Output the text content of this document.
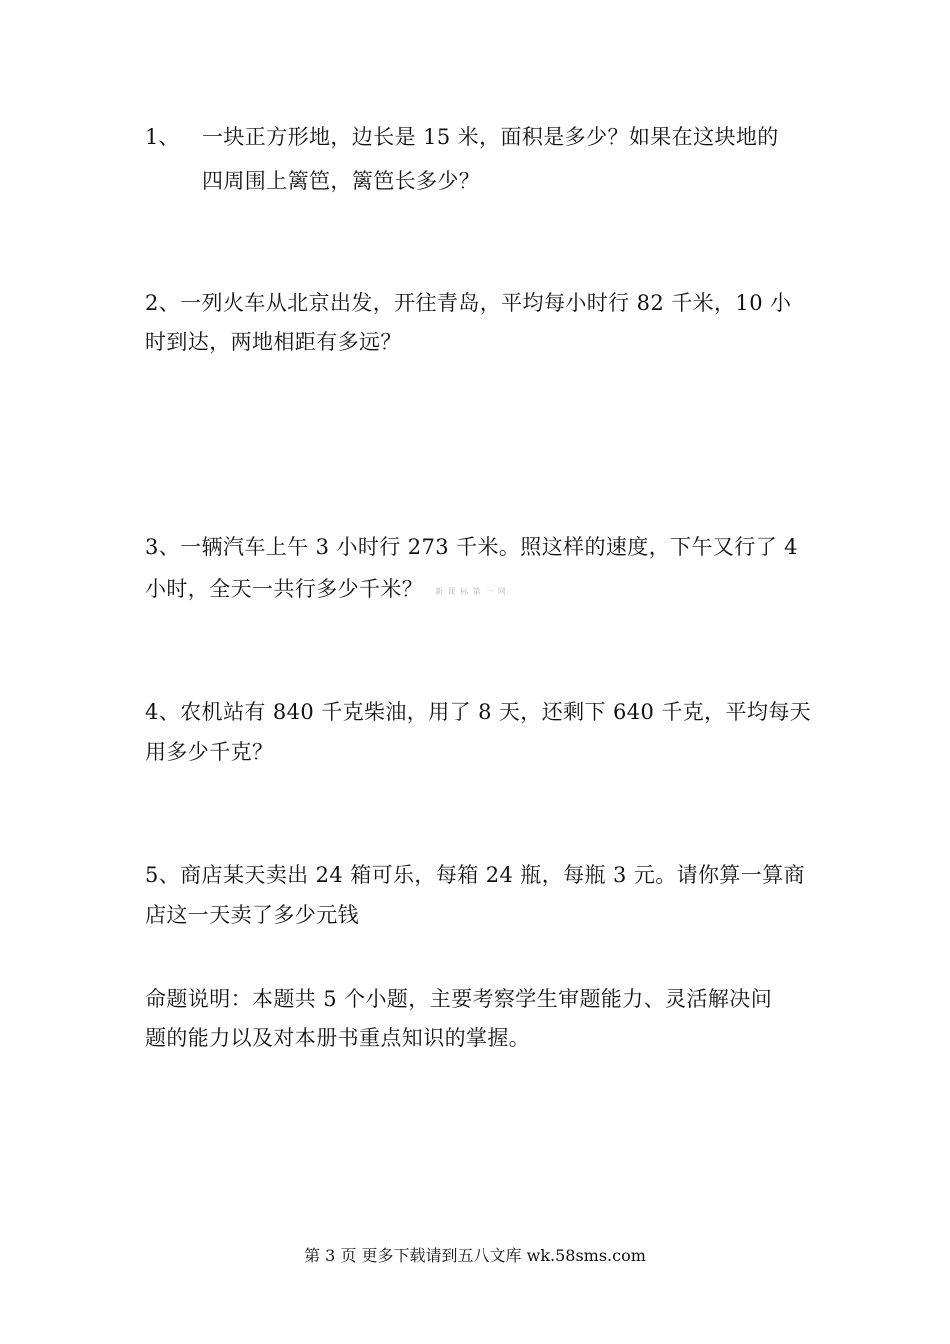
1、 一块正方形地，边长是 15 米，面积是多少？如果在这块地的
四周围上篱笆，篱笆长多少？
2、一列火车从北京出发，开往青岛，平均每小时行 82 千米，10 小
时到达，两地相距有多远？
3、一辆汽车上午 3 小时行 273 千米。照这样的速度，下午又行了 4
小时，全天一共行多少千米？ 新 课 标 第 一 网
4、农机站有 840 千克柴油，用了 8 天，还剩下 640 千克，平均每天
用多少千克？
5、商店某天卖出 24 箱可乐，每箱 24 瓶，每瓶 3 元。请你算一算商
店这一天卖了多少元钱
命题说明：本题共 5 个小题，主要考察学生审题能力、灵活解决问
题的能力以及对本册书重点知识的掌握。
第 3 页 更多下载请到五八文库 wk.58sms.com
